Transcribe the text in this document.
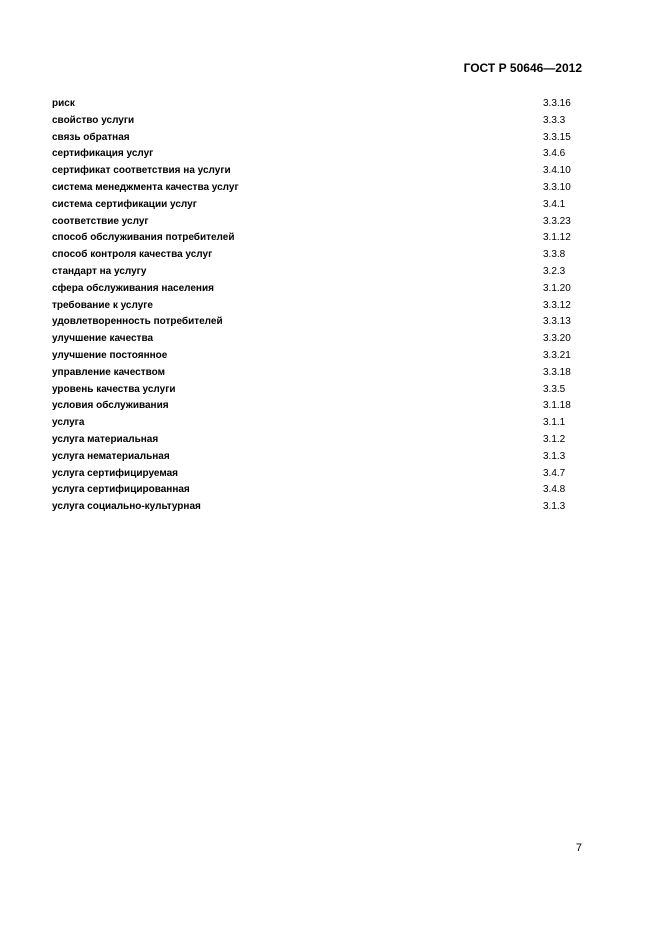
ГОСТ Р 50646—2012
риск	3.3.16
свойство услуги	3.3.3
связь обратная	3.3.15
сертификация услуг	3.4.6
сертификат соответствия на услуги	3.4.10
система менеджмента качества услуг	3.3.10
система сертификации услуг	3.4.1
соответствие услуг	3.3.23
способ обслуживания потребителей	3.1.12
способ контроля качества услуг	3.3.8
стандарт на услугу	3.2.3
сфера обслуживания населения	3.1.20
требование к услуге	3.3.12
удовлетворенность потребителей	3.3.13
улучшение качества	3.3.20
улучшение постоянное	3.3.21
управление качеством	3.3.18
уровень качества услуги	3.3.5
условия обслуживания	3.1.18
услуга	3.1.1
услуга материальная	3.1.2
услуга нематериальная	3.1.3
услуга сертифицируемая	3.4.7
услуга сертифицированная	3.4.8
услуга социально-культурная	3.1.3
7
